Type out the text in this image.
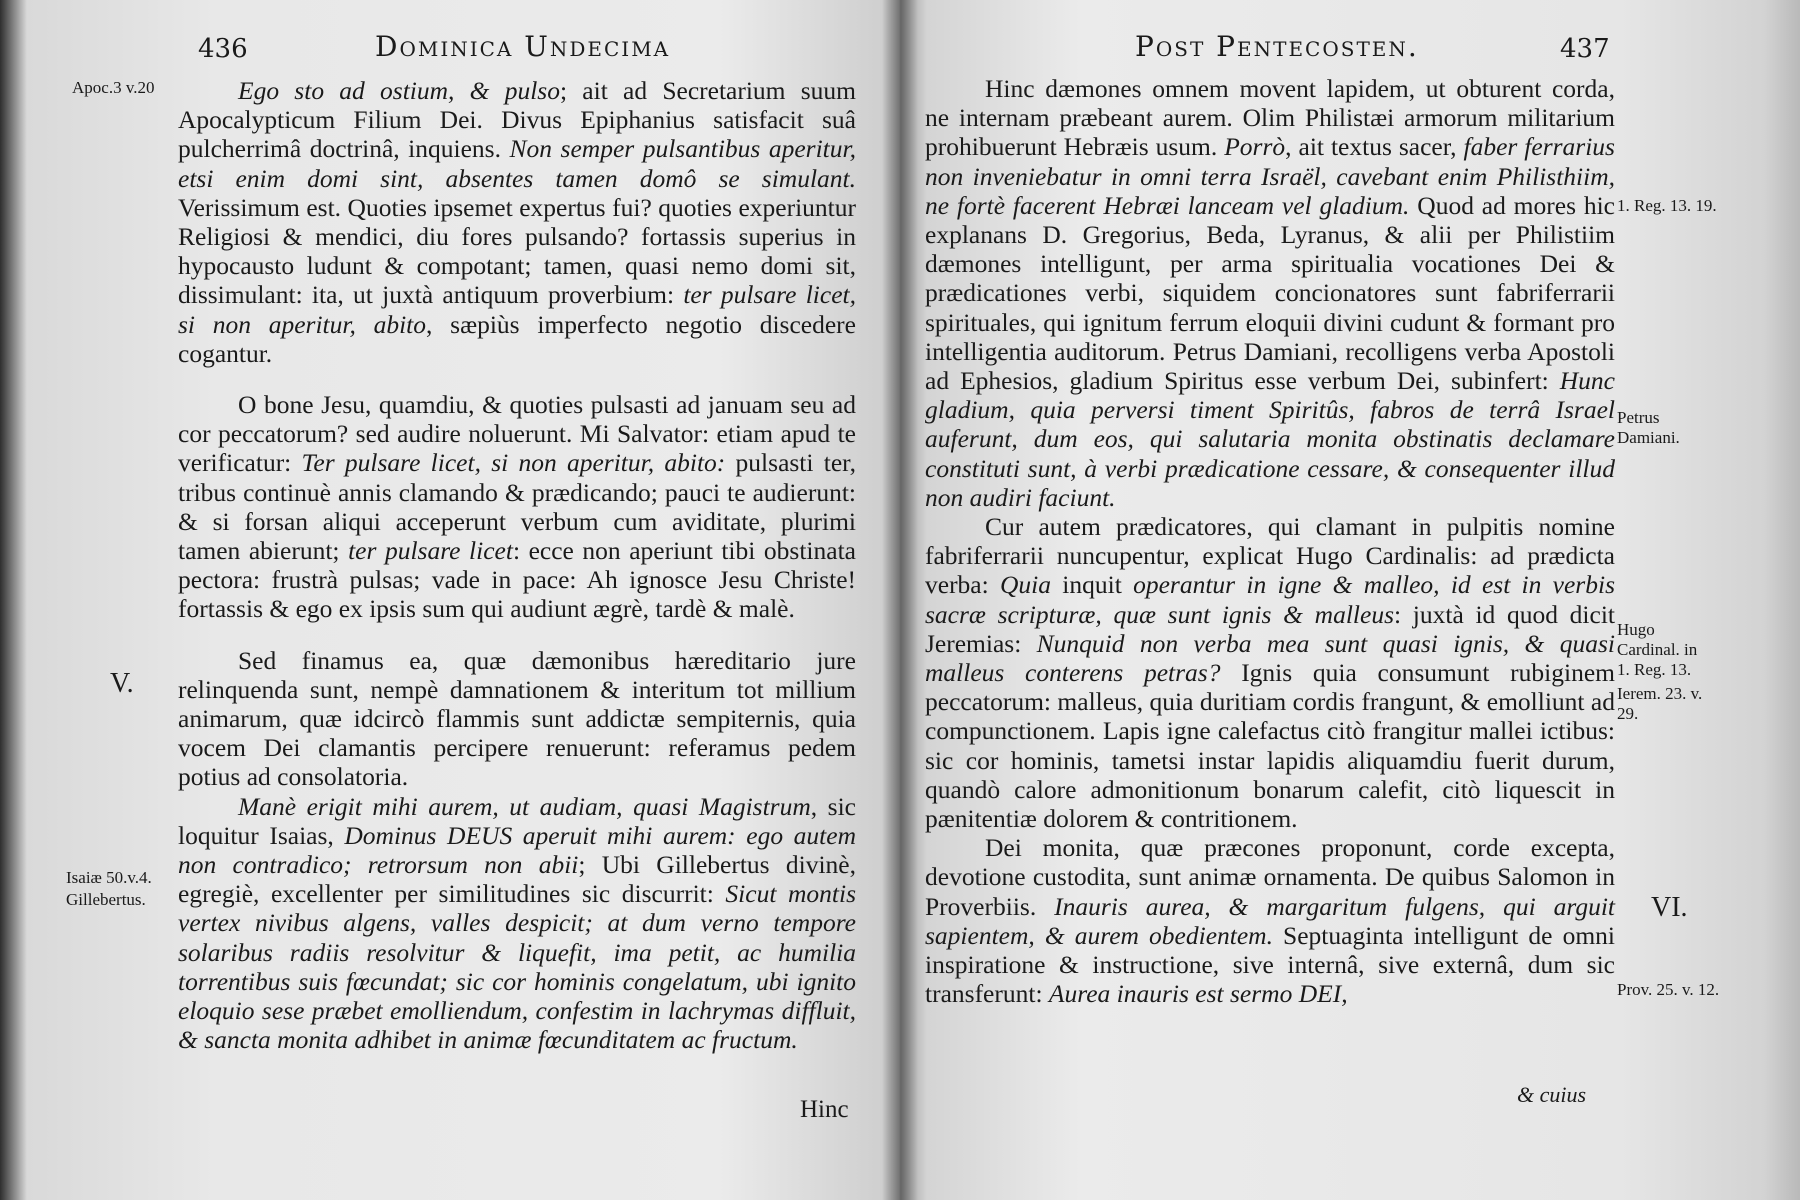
436	Dominica Undecima
Apoc.3 v.20
V.
Isaiæ 50.v.4.
Gillebertus.

Ego sto ad ostium, & pulso; ait ad Secretarium suum Apocalypticum Filium Dei. Divus Epiphanius satisfacit suâ pulcherrimâ doctrinâ, inquiens. Non semper pulsantibus aperitur, etsi enim domi sint, absentes tamen domô se simulant. Verissimum est. Quoties ipsemet expertus fui? quoties experiuntur Religiosi & mendici, diu fores pulsando? fortassis superius in hypocausto ludunt & compotant; tamen, quasi nemo domi sit, dissimulant: ita, ut juxtà antiquum proverbium: ter pulsare licet, si non aperitur, abito, sæpiùs imperfecto negotio discedere cogantur.

O bone Jesu, quamdiu, & quoties pulsasti ad januam seu ad cor peccatorum? sed audire noluerunt. Mi Salvator: etiam apud te verificatur: Ter pulsare licet, si non aperitur, abito: pulsasti ter, tribus continuè annis clamando & prædicando; pauci te audierunt: & si forsan aliqui acceperunt verbum cum aviditate, plurimi tamen abierunt; ter pulsare licet: ecce non aperiunt tibi obstinata pectora: frustrà pulsas; vade in pace: Ah ignosce Jesu Christe! fortassis & ego ex ipsis sum qui audiunt ægrè, tardè & malè.

Sed finamus ea, quæ dæmonibus hæreditario jure relinquenda sunt, nempè damnationem & interitum tot millium animarum, quæ idcircò flammis sunt addictæ sempiternis, quia vocem Dei clamantis percipere renuerunt: referamus pedem potius ad consolatoria.

Manè erigit mihi aurem, ut audiam, quasi Magistrum, sic loquitur Isaias, Dominus DEUS aperuit mihi aurem: ego autem non contradico; retrorsum non abii; Ubi Gillebertus divinè, egregiè, excellenter per similitudines sic discurrit: Sicut montis vertex nivibus algens, valles despicit; at dum verno tempore solaribus radiis resolvitur & liquefit, ima petit, ac humilia torrentibus suis fœcundat; sic cor hominis congelatum, ubi ignito eloquio sese præbet emolliendum, confestim in lachrymas diffluit, & sancta monita adhibet in animæ fœcunditatem ac fructum.

Hinc
Post Pentecosten.	437
1. Reg. 13. 19.
Petrus Damiani.
Hugo Cardinal. in 1. Reg. 13.
Ierem. 23. v. 29.
VI.
Prov. 25. v. 12.

Hinc dæmones omnem movent lapidem, ut obturent corda, ne internam præbeant aurem. Olim Philistæi armorum militarium prohibuerunt Hebræis usum. Porrò, ait textus sacer, faber ferrarius non inveniebatur in omni terra Israël, cavebant enim Philisthiim, ne fortè facerent Hebræi lanceam vel gladium. Quod ad mores hic explanans D. Gregorius, Beda, Lyranus, & alii per Philistiim dæmones intelligunt, per arma spiritualia vocationes Dei & prædicationes verbi, siquidem concionatores sunt fabriferrarii spirituales, qui ignitum ferrum eloquii divini cudunt & formant pro intelligentia auditorum. Petrus Damiani, recolligens verba Apostoli ad Ephesios, gladium Spiritus esse verbum Dei, subinfert: Hunc gladium, quia perversi timent Spiritûs, fabros de terrâ Israel auferunt, dum eos, qui salutaria monita obstinatis declamare constituti sunt, à verbi prædicatione cessare, & consequenter illud non audiri faciunt.

Cur autem prædicatores, qui clamant in pulpitis nomine fabriferrarii nuncupentur, explicat Hugo Cardinalis: ad prædicta verba: Quia inquit operantur in igne & malleo, id est in verbis sacræ scripturæ, quæ sunt ignis & malleus: juxtà id quod dicit Jeremias: Nunquid non verba mea sunt quasi ignis, & quasi malleus conterens petras? Ignis quia consumunt rubiginem peccatorum: malleus, quia duritiam cordis frangunt, & emolliunt ad compunctionem. Lapis igne calefactus citò frangitur mallei ictibus: sic cor hominis, tametsi instar lapidis aliquamdiu fuerit durum, quandò calore admonitionum bonarum calefit, citò liquescit in pænitentiæ dolorem & contritionem.

Dei monita, quæ præcones proponunt, corde excepta, devotione custodita, sunt animæ ornamenta. De quibus Salomon in Proverbiis. Inauris aurea, & margaritum fulgens, qui arguit sapientem, & aurem obedientem. Septuaginta intelligunt de omni inspiratione & instructione, sive internâ, sive externâ, dum sic transferunt: Aurea inauris est sermo DEI,

& cuius
